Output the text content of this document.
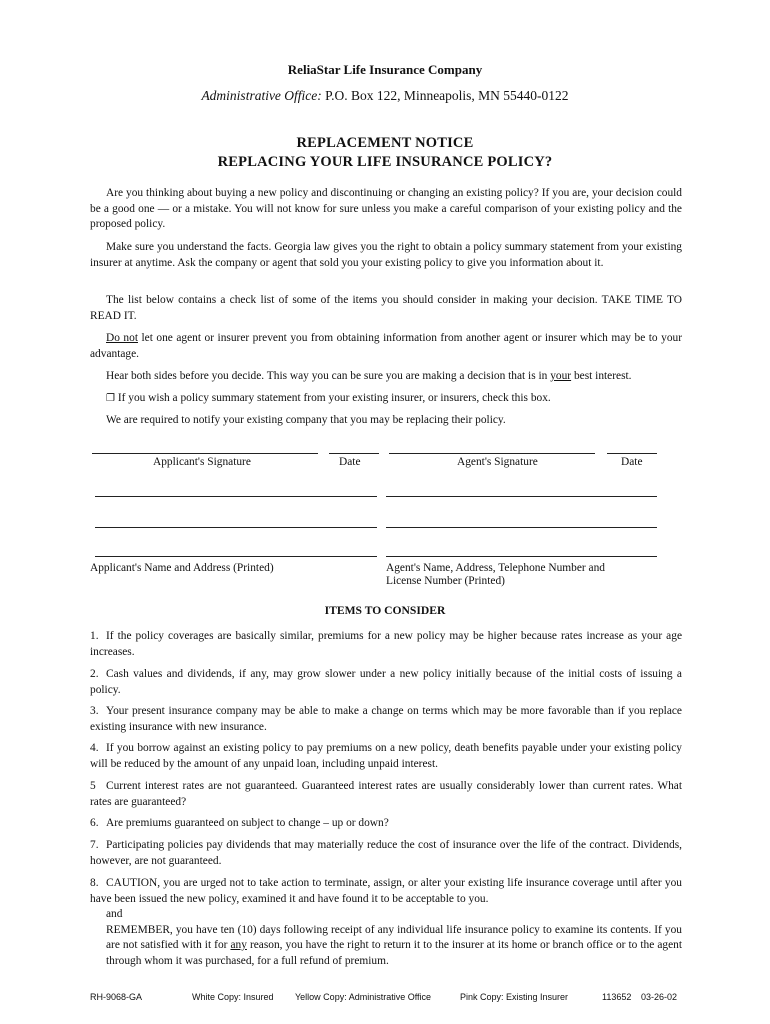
ReliaStar Life Insurance Company
Administrative Office: P.O. Box 122, Minneapolis, MN 55440-0122
REPLACEMENT NOTICE
REPLACING YOUR LIFE INSURANCE POLICY?
Are you thinking about buying a new policy and discontinuing or changing an existing policy? If you are, your decision could be a good one — or a mistake. You will not know for sure unless you make a careful comparison of your existing policy and the proposed policy.
Make sure you understand the facts. Georgia law gives you the right to obtain a policy summary statement from your existing insurer at anytime. Ask the company or agent that sold you your existing policy to give you information about it.
The list below contains a check list of some of the items you should consider in making your decision. TAKE TIME TO READ IT.
Do not let one agent or insurer prevent you from obtaining information from another agent or insurer which may be to your advantage.
Hear both sides before you decide. This way you can be sure you are making a decision that is in your best interest.
❐ If you wish a policy summary statement from your existing insurer, or insurers, check this box.
We are required to notify your existing company that you may be replacing their policy.
Applicant's Signature	Date	Agent's Signature	Date
Applicant's Name and Address (Printed)	Agent's Name, Address, Telephone Number and
License Number (Printed)
ITEMS TO CONSIDER
1. If the policy coverages are basically similar, premiums for a new policy may be higher because rates increase as your age increases.
2. Cash values and dividends, if any, may grow slower under a new policy initially because of the initial costs of issuing a policy.
3. Your present insurance company may be able to make a change on terms which may be more favorable than if you replace existing insurance with new insurance.
4. If you borrow against an existing policy to pay premiums on a new policy, death benefits payable under your existing policy will be reduced by the amount of any unpaid loan, including unpaid interest.
5 Current interest rates are not guaranteed. Guaranteed interest rates are usually considerably lower than current rates. What rates are guaranteed?
6. Are premiums guaranteed on subject to change – up or down?
7. Participating policies pay dividends that may materially reduce the cost of insurance over the life of the contract. Dividends, however, are not guaranteed.
8. CAUTION, you are urged not to take action to terminate, assign, or alter your existing life insurance coverage until after you have been issued the new policy, examined it and have found it to be acceptable to you.
and
REMEMBER, you have ten (10) days following receipt of any individual life insurance policy to examine its contents. If you are not satisfied with it for any reason, you have the right to return it to the insurer at its home or branch office or to the agent through whom it was purchased, for a full refund of premium.
RH-9068-GA	White Copy: Insured Yellow Copy: Administrative Office	Pink Copy: Existing Insurer	113652 03-26-02
